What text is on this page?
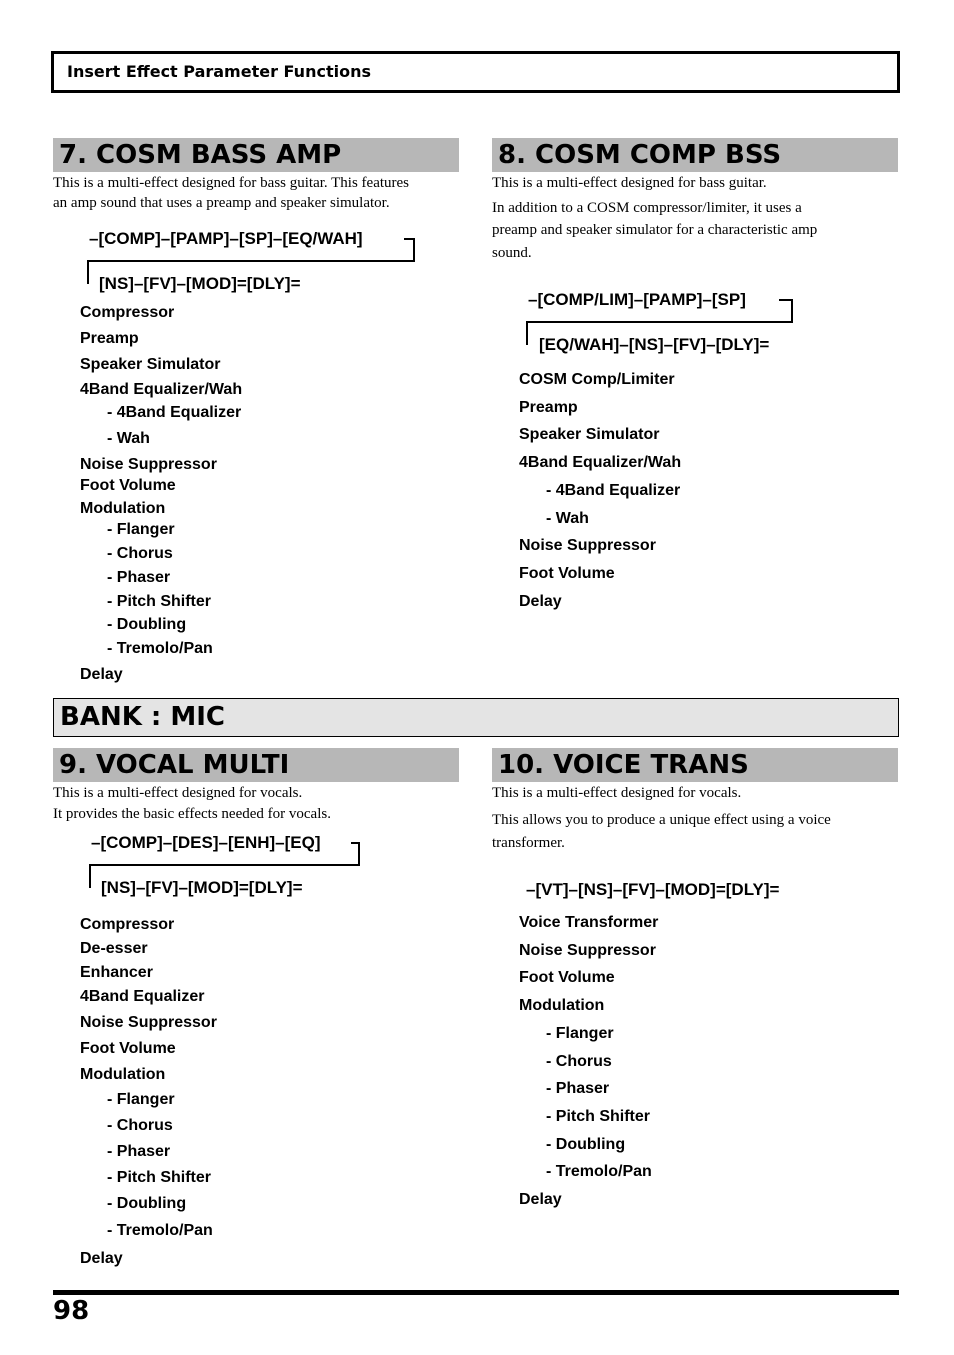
Insert Effect Parameter Functions
7. COSM BASS AMP
This is a multi-effect designed for bass guitar. This features
an amp sound that uses a preamp and speaker simulator.
–[COMP]–[PAMP]–[SP]–[EQ/WAH]
[NS]–[FV]–[MOD]=[DLY]=
Compressor
Preamp
Speaker Simulator
4Band Equalizer/Wah
- 4Band Equalizer
- Wah
Noise Suppressor
Foot Volume
Modulation
- Flanger
- Chorus
- Phaser
- Pitch Shifter
- Doubling
- Tremolo/Pan
Delay
8. COSM COMP BSS
This is a multi-effect designed for bass guitar.
In addition to a COSM compressor/limiter, it uses a
preamp and speaker simulator for a characteristic amp
sound.
–[COMP/LIM]–[PAMP]–[SP]
[EQ/WAH]–[NS]–[FV]–[DLY]=
COSM Comp/Limiter
Preamp
Speaker Simulator
4Band Equalizer/Wah
- 4Band Equalizer
- Wah
Noise Suppressor
Foot Volume
Delay
BANK : MIC
9. VOCAL MULTI
This is a multi-effect designed for vocals.
It provides the basic effects needed for vocals.
–[COMP]–[DES]–[ENH]–[EQ]
[NS]–[FV]–[MOD]=[DLY]=
Compressor
De-esser
Enhancer
4Band Equalizer
Noise Suppressor
Foot Volume
Modulation
- Flanger
- Chorus
- Phaser
- Pitch Shifter
- Doubling
- Tremolo/Pan
Delay
10. VOICE TRANS
This is a multi-effect designed for vocals.
This allows you to produce a unique effect using a voice
transformer.
–[VT]–[NS]–[FV]–[MOD]=[DLY]=
Voice Transformer
Noise Suppressor
Foot Volume
Modulation
- Flanger
- Chorus
- Phaser
- Pitch Shifter
- Doubling
- Tremolo/Pan
Delay
98
